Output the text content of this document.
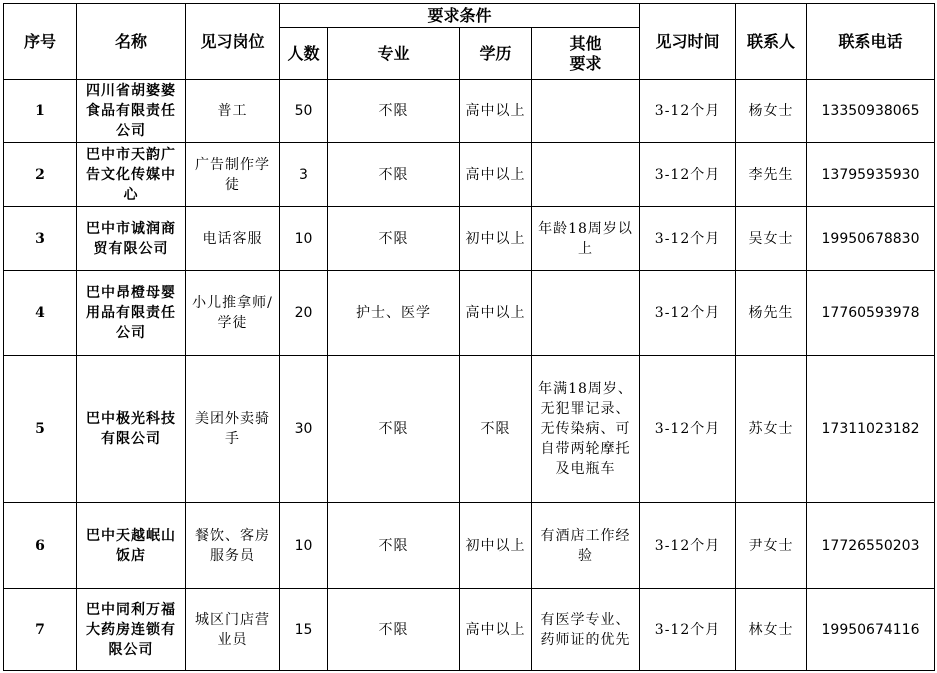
序号	名称	见习岗位	要求条件				见习时间	联系人	联系电话
			人数	专业	学历	其他
要求			
1	四川省胡婆婆食品有限责任公司	普工	50	不限	高中以上		3-12个月	杨女士	13350938065
2	巴中市天韵广告文化传媒中心	广告制作学徒	3	不限	高中以上		3-12个月	李先生	13795935930
3	巴中市诚润商贸有限公司	电话客服	10	不限	初中以上	年龄18周岁以上	3-12个月	吴女士	19950678830
4	巴中昂橙母婴用品有限责任公司	小儿推拿师/学徒	20	护士、医学	高中以上		3-12个月	杨先生	17760593978
5	巴中极光科技有限公司	美团外卖骑手	30	不限	不限	年满18周岁、无犯罪记录、无传染病、可自带两轮摩托及电瓶车	3-12个月	苏女士	17311023182
6	巴中天越岷山饭店	餐饮、客房服务员	10	不限	初中以上	有酒店工作经验	3-12个月	尹女士	17726550203
7	巴中同利万福大药房连锁有限公司	城区门店营业员	15	不限	高中以上	有医学专业、药师证的优先	3-12个月	林女士	19950674116
